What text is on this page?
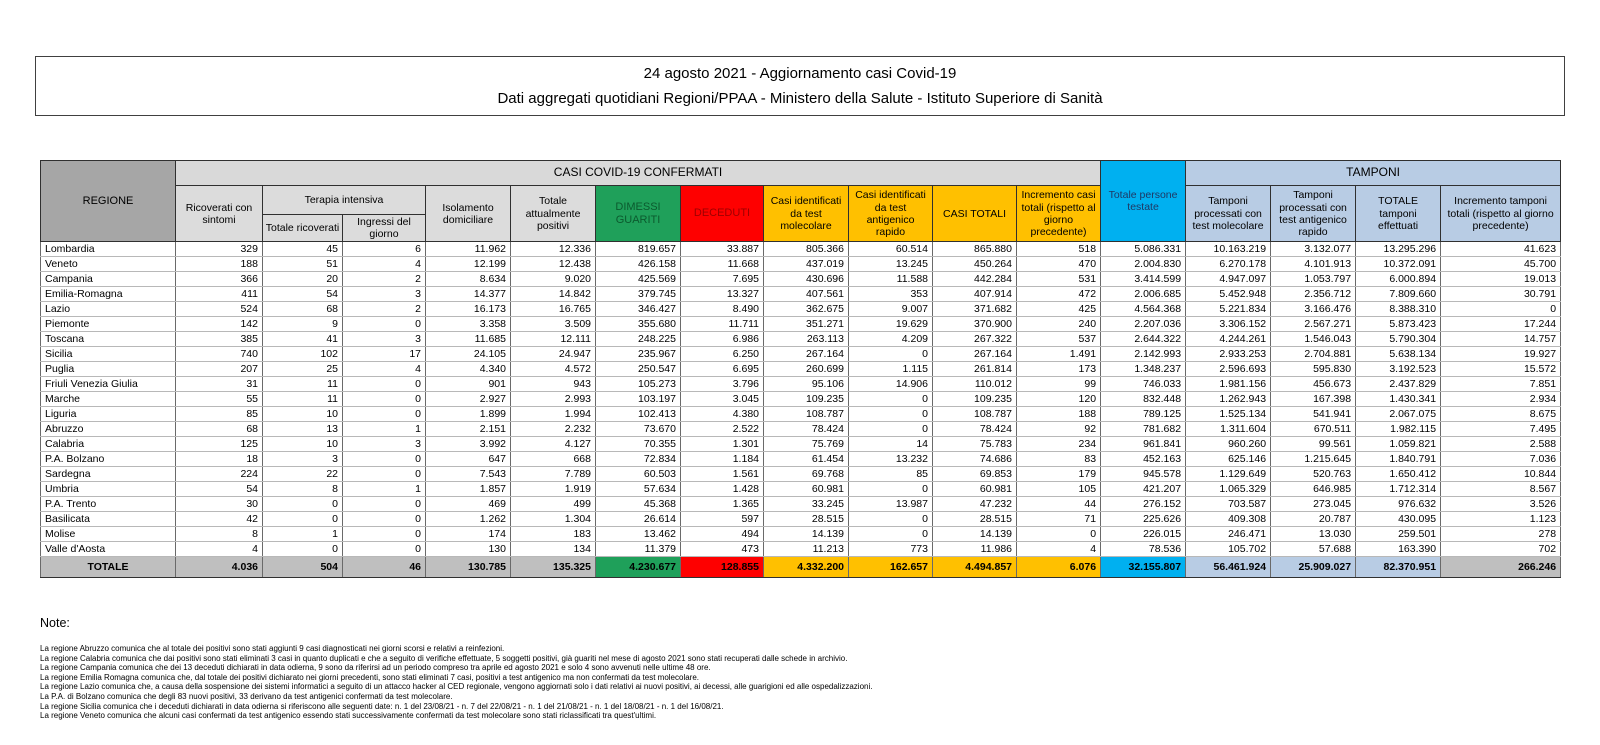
24 agosto 2021 - Aggiornamento casi Covid-19
Dati aggregati quotidiani Regioni/PPAA - Ministero della Salute - Istituto Superiore di Sanità
REGIONE	CASI COVID-19 CONFERMATI											Totale persone testate	TAMPONI			
	Ricoverati con sintomi	Terapia intensiva		Isolamento domiciliare	Totale attualmente positivi	DIMESSI GUARITI	DECEDUTI	Casi identificati da test molecolare	Casi identificati da test antigenico rapido	CASI TOTALI	Incremento casi totali (rispetto al giorno precedente)		Tamponi processati con test molecolare	Tamponi processati con test antigenico rapido	TOTALE tamponi effettuati	Incremento tamponi totali (rispetto al giorno precedente)
		Totale ricoverati	Ingressi del giorno													
Lombardia	329	45	6	11.962	12.336	819.657	33.887	805.366	60.514	865.880	518	5.086.331	10.163.219	3.132.077	13.295.296	41.623
Veneto	188	51	4	12.199	12.438	426.158	11.668	437.019	13.245	450.264	470	2.004.830	6.270.178	4.101.913	10.372.091	45.700
Campania	366	20	2	8.634	9.020	425.569	7.695	430.696	11.588	442.284	531	3.414.599	4.947.097	1.053.797	6.000.894	19.013
Emilia-Romagna	411	54	3	14.377	14.842	379.745	13.327	407.561	353	407.914	472	2.006.685	5.452.948	2.356.712	7.809.660	30.791
Lazio	524	68	2	16.173	16.765	346.427	8.490	362.675	9.007	371.682	425	4.564.368	5.221.834	3.166.476	8.388.310	0
Piemonte	142	9	0	3.358	3.509	355.680	11.711	351.271	19.629	370.900	240	2.207.036	3.306.152	2.567.271	5.873.423	17.244
Toscana	385	41	3	11.685	12.111	248.225	6.986	263.113	4.209	267.322	537	2.644.322	4.244.261	1.546.043	5.790.304	14.757
Sicilia	740	102	17	24.105	24.947	235.967	6.250	267.164	0	267.164	1.491	2.142.993	2.933.253	2.704.881	5.638.134	19.927
Puglia	207	25	4	4.340	4.572	250.547	6.695	260.699	1.115	261.814	173	1.348.237	2.596.693	595.830	3.192.523	15.572
Friuli Venezia Giulia	31	11	0	901	943	105.273	3.796	95.106	14.906	110.012	99	746.033	1.981.156	456.673	2.437.829	7.851
Marche	55	11	0	2.927	2.993	103.197	3.045	109.235	0	109.235	120	832.448	1.262.943	167.398	1.430.341	2.934
Liguria	85	10	0	1.899	1.994	102.413	4.380	108.787	0	108.787	188	789.125	1.525.134	541.941	2.067.075	8.675
Abruzzo	68	13	1	2.151	2.232	73.670	2.522	78.424	0	78.424	92	781.682	1.311.604	670.511	1.982.115	7.495
Calabria	125	10	3	3.992	4.127	70.355	1.301	75.769	14	75.783	234	961.841	960.260	99.561	1.059.821	2.588
P.A. Bolzano	18	3	0	647	668	72.834	1.184	61.454	13.232	74.686	83	452.163	625.146	1.215.645	1.840.791	7.036
Sardegna	224	22	0	7.543	7.789	60.503	1.561	69.768	85	69.853	179	945.578	1.129.649	520.763	1.650.412	10.844
Umbria	54	8	1	1.857	1.919	57.634	1.428	60.981	0	60.981	105	421.207	1.065.329	646.985	1.712.314	8.567
P.A. Trento	30	0	0	469	499	45.368	1.365	33.245	13.987	47.232	44	276.152	703.587	273.045	976.632	3.526
Basilicata	42	0	0	1.262	1.304	26.614	597	28.515	0	28.515	71	225.626	409.308	20.787	430.095	1.123
Molise	8	1	0	174	183	13.462	494	14.139	0	14.139	0	226.015	246.471	13.030	259.501	278
Valle d'Aosta	4	0	0	130	134	11.379	473	11.213	773	11.986	4	78.536	105.702	57.688	163.390	702
TOTALE	4.036	504	46	130.785	135.325	4.230.677	128.855	4.332.200	162.657	4.494.857	6.076	32.155.807	56.461.924	25.909.027	82.370.951	266.246
Note:
La regione Abruzzo comunica che al totale dei positivi sono stati aggiunti 9 casi diagnosticati nei giorni scorsi e relativi a reinfezioni.
La regione Calabria comunica che dai positivi sono stati eliminati 3 casi in quanto duplicati e che a seguito di verifiche effettuate, 5 soggetti positivi, già guariti nel mese di agosto 2021 sono stati recuperati dalle schede in archivio.
La regione Campania comunica che dei 13 deceduti dichiarati in data odierna, 9 sono da riferirsi ad un periodo compreso tra aprile ed agosto 2021 e solo 4 sono avvenuti nelle ultime 48 ore.
La regione Emilia Romagna comunica che, dal totale dei positivi dichiarato nei giorni precedenti, sono stati eliminati 7 casi, positivi a test antigenico ma non confermati da test molecolare.
La regione Lazio comunica che, a causa della sospensione dei sistemi informatici a seguito di un attacco hacker al CED regionale, vengono aggiornati solo i dati relativi ai nuovi positivi, ai decessi, alle guarigioni ed alle ospedalizzazioni.
La P.A. di Bolzano comunica che degli 83 nuovi positivi, 33 derivano da test antigenici confermati da test molecolare.
La regione Sicilia comunica che i deceduti dichiarati in data odierna si riferiscono alle seguenti date: n. 1 del 23/08/21 - n. 7 del 22/08/21 - n. 1 del 21/08/21 - n. 1 del 18/08/21 - n. 1 del 16/08/21.
La regione Veneto comunica che alcuni casi confermati da test antigenico essendo stati successivamente confermati da test molecolare sono stati riclassificati tra quest'ultimi.
